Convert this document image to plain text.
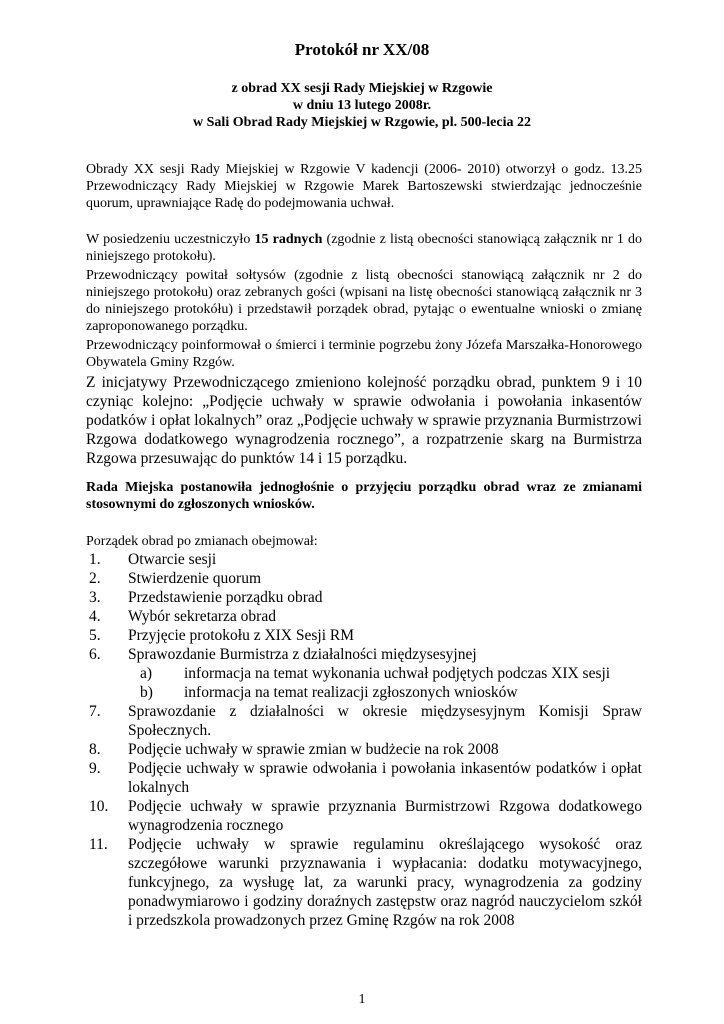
Protokół nr XX/08
z obrad XX sesji Rady Miejskiej w Rzgowie
w dniu 13 lutego 2008r.
w Sali Obrad Rady Miejskiej w Rzgowie, pl. 500-lecia 22

Obrady XX sesji Rady Miejskiej w Rzgowie V kadencji (2006- 2010) otworzył o godz. 13.25 Przewodniczący Rady Miejskiej w Rzgowie Marek Bartoszewski stwierdzając jednocześnie quorum, uprawniające Radę do podejmowania uchwał.

W posiedzeniu uczestniczyło 15 radnych (zgodnie z listą obecności stanowiącą załącznik nr 1 do niniejszego protokołu).

Przewodniczący powitał sołtysów (zgodnie z listą obecności stanowiącą załącznik nr 2 do niniejszego protokołu) oraz zebranych gości (wpisani na listę obecności stanowiącą załącznik nr 3 do niniejszego protokółu) i przedstawił porządek obrad, pytając o ewentualne wnioski o zmianę zaproponowanego porządku.

Przewodniczący poinformował o śmierci i terminie pogrzebu żony Józefa Marszałka-Honorowego Obywatela Gminy Rzgów.

Z inicjatywy Przewodniczącego zmieniono kolejność porządku obrad, punktem 9 i 10 czyniąc kolejno: „Podjęcie uchwały w sprawie odwołania i powołania inkasentów podatków i opłat lokalnych” oraz „Podjęcie uchwały w sprawie przyznania Burmistrzowi Rzgowa dodatkowego wynagrodzenia rocznego”, a rozpatrzenie skarg na Burmistrza Rzgowa przesuwając do punktów 14 i 15 porządku.

Rada Miejska postanowiła jednogłośnie o przyjęciu porządku obrad wraz ze zmianami stosownymi do zgłoszonych wniosków.

Porządek obrad po zmianach obejmował:

1.	Otwarcie sesji
2.	Stwierdzenie quorum
3.	Przedstawienie porządku obrad
4.	Wybór sekretarza obrad
5.	Przyjęcie protokołu z XIX Sesji RM
6.	Sprawozdanie Burmistrza z działalności międzysesyjnej
a) informacja na temat wykonania uchwał podjętych podczas XIX sesji
b) informacja na temat realizacji zgłoszonych wniosków
7.	Sprawozdanie z działalności w okresie międzysesyjnym Komisji Spraw Społecznych.
8.	Podjęcie uchwały w sprawie zmian w budżecie na rok 2008
9.	Podjęcie uchwały w sprawie odwołania i powołania inkasentów podatków i opłat lokalnych
10.	Podjęcie uchwały w sprawie przyznania Burmistrzowi Rzgowa dodatkowego wynagrodzenia rocznego
11.	Podjęcie uchwały w sprawie regulaminu określającego wysokość oraz szczegółowe warunki przyznawania i wypłacania: dodatku motywacyjnego, funkcyjnego, za wysługę lat, za warunki pracy, wynagrodzenia za godziny ponadwymiarowo i godziny doraźnych zastępstw oraz nagród nauczycielom szkół i przedszkola prowadzonych przez Gminę Rzgów na rok 2008
1
